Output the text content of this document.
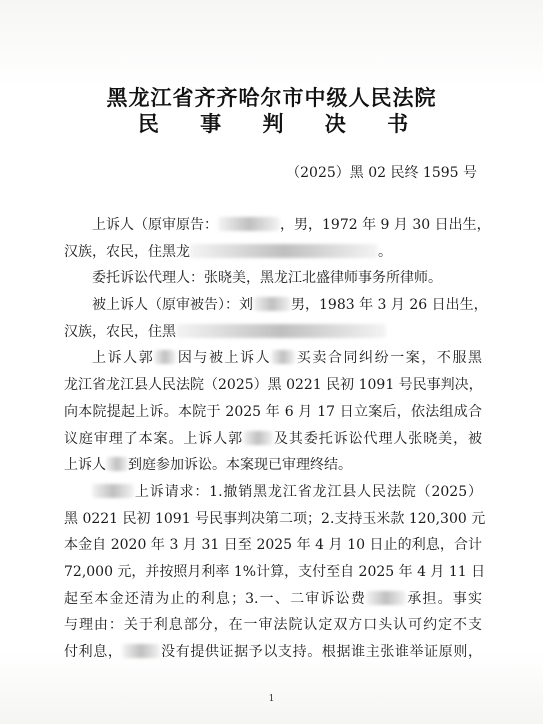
黑龙江省齐齐哈尔市中级人民法院
民 事 判 决 书
（2025）黑 02 民终 1595 号
上诉人（原审原告：	，男，1972 年 9 月 30 日出生，
汉族，农民，住黑龙	。
委托诉讼代理人：张晓美，黑龙江北盛律师事务所律师。
被上诉人（原审被告）：刘	男，1983 年 3 月 26 日出生，
汉族，农民，住黑
上诉人郭 因与被上诉人 买卖合同纠纷一案，不服黑
龙江省龙江县人民法院（2025）黑 0221 民初 1091 号民事判决，
向本院提起上诉。本院于 2025 年 6 月 17 日立案后，依法组成合
议庭审理了本案。上诉人郭 及其委托诉讼代理人张晓美，被
上诉人 到庭参加诉讼。本案现已审理终结。
上诉请求：1.撤销黑龙江省龙江县人民法院（2025）
黑 0221 民初 1091 号民事判决第二项；2.支持玉米款 120,300 元
本金自 2020 年 3 月 31 日至 2025 年 4 月 10 日止的利息，合计
72,000 元，并按照月利率 1%计算，支付至自 2025 年 4 月 11 日
起至本金还清为止的利息；3.一、二审诉讼费	承担。事实
与理由：关于利息部分，在一审法院认定双方口头认可约定不支
付利息，	没有提供证据予以支持。根据谁主张谁举证原则，
1
